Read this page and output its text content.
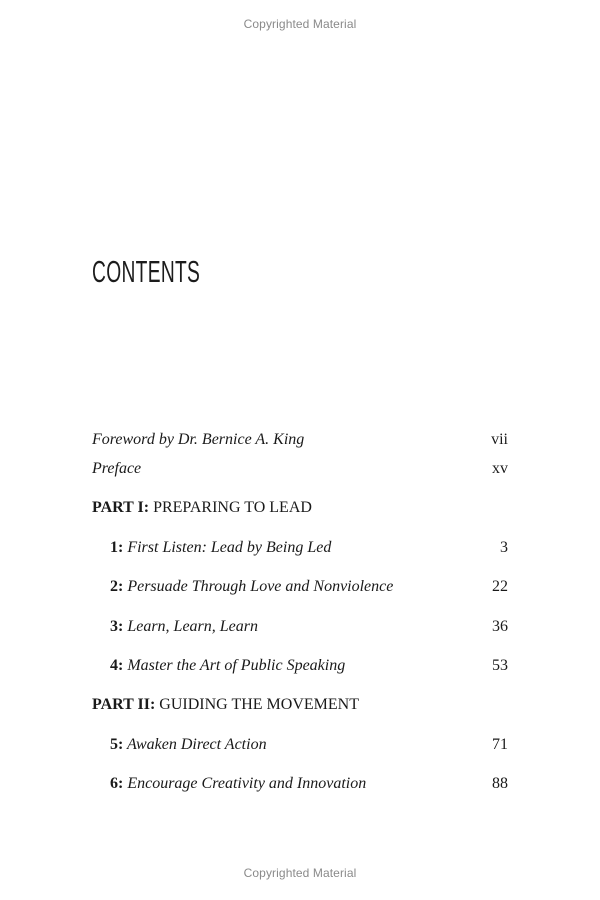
Copyrighted Material
CONTENTS
Foreword by Dr. Bernice A. King	vii
Preface	xv
PART I: PREPARING TO LEAD
1: First Listen: Lead by Being Led	3
2: Persuade Through Love and Nonviolence	22
3: Learn, Learn, Learn	36
4: Master the Art of Public Speaking	53
PART II: GUIDING THE MOVEMENT
5: Awaken Direct Action	71
6: Encourage Creativity and Innovation	88
Copyrighted Material
